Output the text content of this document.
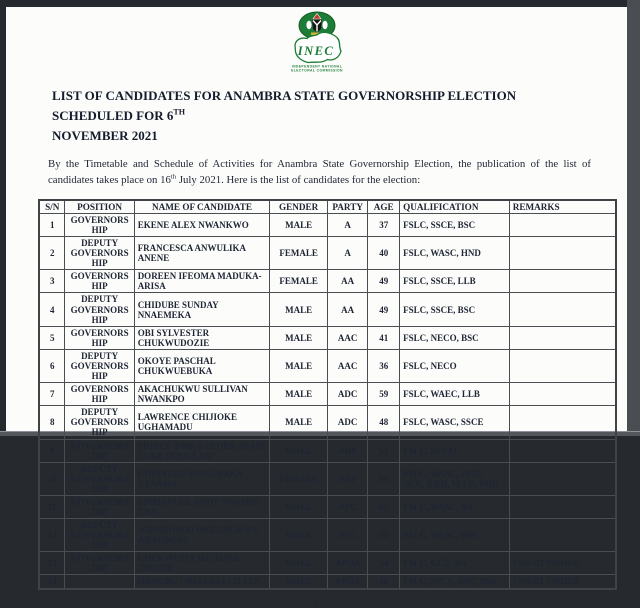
INEC
INDEPENDENT NATIONAL
ELECTORAL COMMISSION

LIST OF CANDIDATES FOR ANAMBRA STATE GOVERNORSHIP ELECTION SCHEDULED FOR 6TH
NOVEMBER 2021

By the Timetable and Schedule of Activities for Anambra State Governorship Election, the publication of the list of candidates takes place on 16th July 2021. Here is the list of candidates for the election:

S/N	POSITION	NAME OF CANDIDATE	GENDER	PARTY	AGE	QUALIFICATION	REMARKS
1	GOVERNORSHIP	EKENE ALEX NWANKWO	MALE	A	37	FSLC, SSCE, BSC	
2	DEPUTY GOVERNORSHIP	FRANCESCA ANWULIKA ANENE	FEMALE	A	40	FSLC, WASC, HND	
3	GOVERNORSHIP	DOREEN IFEOMA MADUKA-ARISA	FEMALE	AA	49	FSLC, SSCE, LLB	
4	DEPUTY GOVERNORSHIP	CHIDUBE SUNDAY NNAEMEKA	MALE	AA	49	FSLC, SSCE, BSC	
5	GOVERNORSHIP	OBI SYLVESTER CHUKWUDOZIE	MALE	AAC	41	FSLC, NECO, BSC	
6	DEPUTY GOVERNORSHIP	OKOYE PASCHAL CHUKWUEBUKA	MALE	AAC	36	FSLC, NECO	
7	GOVERNORSHIP	AKACHUKWU SULLIVAN NWANKPO	MALE	ADC	59	FSLC, WAEC, LLB	
8	DEPUTY GOVERNORSHIP	LAWRENCE CHIJIOKE UGHAMADU	MALE	ADC	48	FSLC, WASC, SSCE	
9	GOVERNORSHIP	PRINCE UME-EZEOKE AFAM LUKE DOUGLAS	MALE	ADP	51	FSLC, NECO	
10	DEPUTY GOVERNORSHIP	CHINYERE UZOAMAKA UYANWA	FEMALE	ADP	61	FSLC, WASC, TCII, NCE, B.ED, M.ED, PHD	
11	GOVERNORSHIP	EMMANUEL ANDY NNAMDI UBA	MALE	APC	62	FSLC, WASC, BA	
12	DEPUTY GOVERNORSHIP	JOHNBOSCO OKECHUKWU ANAEDOBE	MALE	APC	53	FSLC, WASC, BSC	
13	GOVERNORSHIP	CHUKWUMA MICHAEL UMEOJI	MALE	APGA	54	FSLC, GCE, BA	COURT ORDER
14		OROGBU OBIAGELI LILIAN	MALE	APGA	48	FSLC, SSCE, BSC, PhD	COURT ORDER
1
